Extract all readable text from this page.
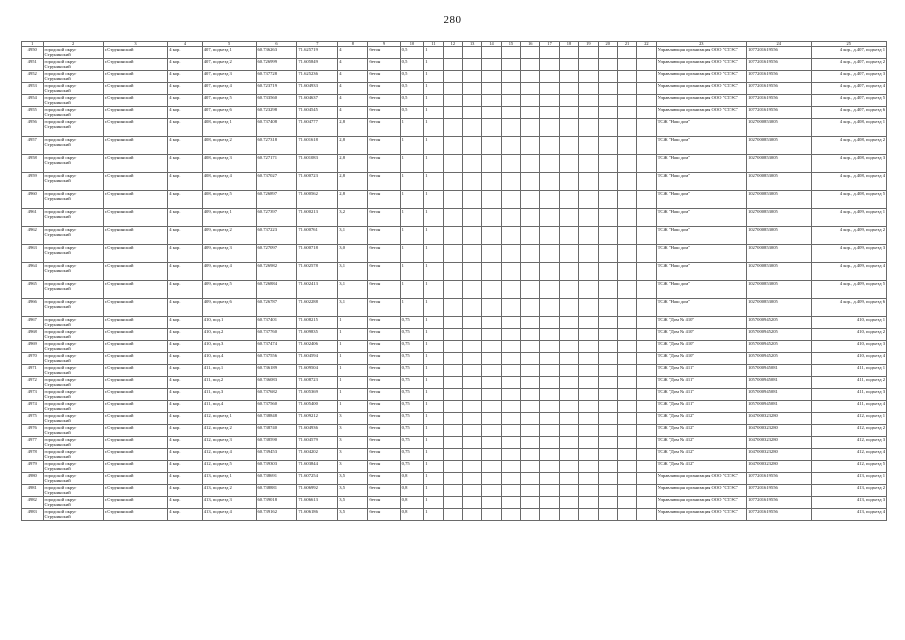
280
1	2	3	4	5	6	7	8	9	10	11	12	13	14	15	16	17	18	19	20	21	22	23	24	25
4950	городской округ Струнинский	г.Струнинский	4 кор.	407, подъезд 1	60.736263	71.625719	4	бетон	0,5	1												Управляющая организация ООО "СТЭС"	1077201619556	4 кор., д.407, подъезд 1
4951	городской округ Струнинский	г.Струнинский	4 кор.	407, подъезд 2	60.726999	71.605849	4	бетон	0,5	1												Управляющая организация ООО "СТЭС"	1077201619556	4 кор., д.407, подъезд 2
4952	городской округ Струнинский	г.Струнинский	4 кор.	407, подъезд 3	60.737728	71.625236	4	бетон	0,5	1												Управляющая организация ООО "СТЭС"	1077201619556	4 кор., д.407, подъезд 3
4953	городской округ Струнинский	г.Струнинский	4 кор.	407, подъезд 4	60.723719	71.604933	4	бетон	0,5	1												Управляющая организация ООО "СТЭС"	1077201619556	4 кор., д.407, подъезд 4
4954	городской округ Струнинский	г.Струнинский	4 кор.	407, подъезд 5	60.733560	71.604637	4	бетон	0,5	1												Управляющая организация ООО "СТЭС"	1077201619556	4 кор., д.407, подъезд 5
4955	городской округ Струнинский	г.Струнинский	4 кор.	407, подъезд 6	60.723298	71.604545	4	бетон	0,5	1												Управляющая организация ООО "СТЭС"	1077201619556	4 кор., д.407, подъезд 6
4956	городской округ Струнинский	г.Струнинский	4 кор.	408, подъезд 1	60.737408	71.604777	2,8	бетон	1	1												ТСЖ "Наш дом"	1027000853005	4 кор., д.408, подъезд 1
4957	городской округ Струнинский	г.Струнинский	4 кор.	408, подъезд 2	60.727318	71.601618	2,8	бетон	1	1												ТСЖ "Наш дом"	1027000853005	4 кор., д.408, подъезд 2
4958	городской округ Струнинский	г.Струнинский	4 кор.	408, подъезд 3	60.727171	71.601083	2,8	бетон	1	1												ТСЖ "Наш дом"	1027000853005	4 кор., д.408, подъезд 3
4959	городской округ Струнинский	г.Струнинский	4 кор.	408, подъезд 4	60.737027	71.600723	2,8	бетон	1	1												ТСЖ "Наш дом"	1027000853005	4 кор., д.408, подъезд 4
4960	городской округ Струнинский	г.Струнинский	4 кор.	408, подъезд 5	60.726897	71.600562	2,8	бетон	1	1												ТСЖ "Наш дом"	1027000853005	4 кор., д.408, подъезд 5
4961	городской округ Струнинский	г.Струнинский	4 кор.	409, подъезд 1	60.727397	71.600213	3,2	бетон	1	1												ТСЖ "Наш дом"	1027000853005	4 кор., д.409, подъезд 1
4962	городской округ Струнинский	г.Струнинский	4 кор.	409, подъезд 2	60.737223	71.600761	3,1	бетон	1	1												ТСЖ "Наш дом"	1027000853005	4 кор., д.409, подъезд 2
4963	городской округ Струнинский	г.Струнинский	4 кор.	409, подъезд 3	60.727097	71.600718	3,0	бетон	1	1												ТСЖ "Наш дом"	1027000853005	4 кор., д.409, подъезд 3
4964	городской округ Струнинский	г.Струнинский	4 кор.	409, подъезд 4	60.726982	71.602578	3,1	бетон	1	1												ТСЖ "Наш дом"	1027000853005	4 кор., д.409, подъезд 4
4965	городской округ Струнинский	г.Струнинский	4 кор.	409, подъезд 5	60.726884	71.602413	3,1	бетон	1	1												ТСЖ "Наш дом"	1027000853005	4 кор., д.409, подъезд 5
4966	городской округ Струнинский	г.Струнинский	4 кор.	409, подъезд 6	60.726787	71.602288	3,1	бетон	1	1												ТСЖ "Наш дом"	1027000853005	4 кор., д.409, подъезд 6
4967	городской округ Струнинский	г.Струнинский	4 кор.	410, под.1	60.737401	71.608215	1	бетон	0,75	1												ТСЖ "Дом № 410"	1057000945205	410, подъезд 1
4968	городской округ Струнинский	г.Струнинский	4 кор.	410, под.2	60.737760	71.609835	1	бетон	0,75	1												ТСЖ "Дом № 410"	1057000945205	410, подъезд 2
4969	городской округ Струнинский	г.Струнинский	4 кор.	410, под.3	60.737474	71.602406	1	бетон	0,75	1												ТСЖ "Дом № 410"	1057000945205	410, подъезд 3
4970	городской округ Струнинский	г.Струнинский	4 кор.	410, под.4	60.737556	71.604594	1	бетон	0,75	1												ТСЖ "Дом № 410"	1057000945205	410, подъезд 4
4971	городской округ Струнинский	г.Струнинский	4 кор.	411, под.1	60.736189	71.609504	1	бетон	0,75	1												ТСЖ "Дом № 411"	1057000945081	411, подъезд 1
4972	городской округ Струнинский	г.Струнинский	4 кор.	411, под.2	60.736083	71.608723	1	бетон	0,75	1												ТСЖ "Дом № 411"	1057000945081	411, подъезд 2
4973	городской округ Струнинский	г.Струнинский	4 кор.	411, под.3	60.737682	71.605369	1	бетон	0,75	1												ТСЖ "Дом № 411"	1057000945081	411, подъезд 3
4974	городской округ Струнинский	г.Струнинский	4 кор.	411, под.4	60.737560	71.605400	1	бетон	0,75	1												ТСЖ "Дом № 411"	1057000945081	411, подъезд 4
4975	городской округ Струнинский	г.Струнинский	4 кор.	412, подъезд 1	60.738848	71.609212	3	бетон	0,75	1												ТСЖ "Дом № 412"	1047000323280	412, подъезд 1
4976	городской округ Струнинский	г.Струнинский	4 кор.	412, подъезд 2	60.738740	71.604936	3	бетон	0,75	1												ТСЖ "Дом № 412"	1047000323280	412, подъезд 2
4977	городской округ Струнинский	г.Струнинский	4 кор.	412, подъезд 3	60.738590	71.604579	3	бетон	0,75	1												ТСЖ "Дом № 412"	1047000323280	412, подъезд 3
4978	городской округ Струнинский	г.Струнинский	4 кор.	412, подъезд 4	60.739453	71.604202	3	бетон	0,75	1												ТСЖ "Дом № 412"	1047000323280	412, подъезд 4
4979	городской округ Струнинский	г.Струнинский	4 кор.	412, подъезд 5	60.739303	71.603844	3	бетон	0,75	1												ТСЖ "Дом № 412"	1047000323280	412, подъезд 5
4980	городской округ Струнинский	г.Струнинский	4 кор.	413, подъезд 1	60.738691	71.607254	3,5	бетон	0,8	1												Управляющая организация ООО "СТЭС"	1077201619556	413, подъезд 1
4981	городской округ Струнинский	г.Струнинский	4 кор.	413, подъезд 2	60.738881	71.606992	3,5	бетон	0,8	1												Управляющая организация ООО "СТЭС"	1077201619556	413, подъезд 2
4982	городской округ Струнинский	г.Струнинский	4 кор.	413, подъезд 3	60.739018	71.606613	3,5	бетон	0,8	1												Управляющая организация ООО "СТЭС"	1077201619556	413, подъезд 3
4983	городской округ Струнинский	г.Струнинский	4 кор.	413, подъезд 4	60.739162	71.606186	3,5	бетон	0,8	1												Управляющая организация ООО "СТЭС"	1077201619556	413, подъезд 4
